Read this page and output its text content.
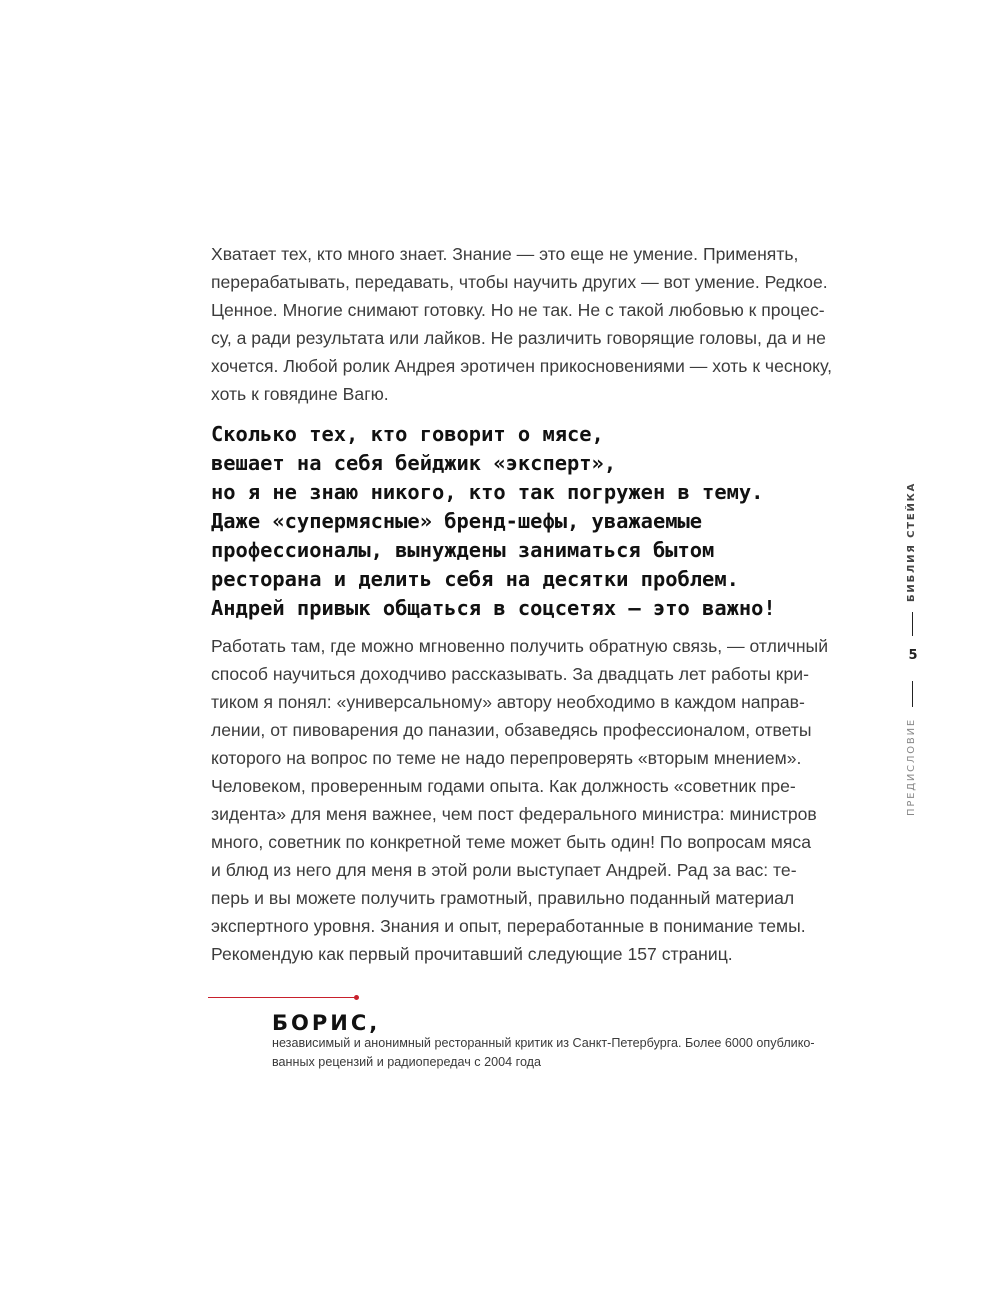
Хватает тех, кто много знает. Знание — это еще не умение. Применять,
перерабатывать, передавать, чтобы научить других — вот умение. Редкое.
Ценное. Многие снимают готовку. Но не так. Не с такой любовью к процес-
су, а ради результата или лайков. Не различить говорящие головы, да и не
хочется. Любой ролик Андрея эротичен прикосновениями — хоть к чесноку,
хоть к говядине Вагю.
Сколько тех, кто говорит о мясе,
вешает на себя бейджик «эксперт»,
но я не знаю никого, кто так погружен в тему.
Даже «супермясные» бренд-шефы, уважаемые
профессионалы, вынуждены заниматься бытом
ресторана и делить себя на десятки проблем.
Андрей привык общаться в соцсетях — это важно!
Работать там, где можно мгновенно получить обратную связь, — отличный
способ научиться доходчиво рассказывать. За двадцать лет работы кри-
тиком я понял: «универсальному» автору необходимо в каждом направ-
лении, от пивоварения до паназии, обзаведясь профессионалом, ответы
которого на вопрос по теме не надо перепроверять «вторым мнением».
Человеком, проверенным годами опыта. Как должность «советник пре-
зидента» для меня важнее, чем пост федерального министра: министров
много, советник по конкретной теме может быть один! По вопросам мяса
и блюд из него для меня в этой роли выступает Андрей. Рад за вас: те-
перь и вы можете получить грамотный, правильно поданный материал
экспертного уровня. Знания и опыт, переработанные в понимание темы.
Рекомендую как первый прочитавший следующие 157 страниц.
БОРИС,
независимый и анонимный ресторанный критик из Санкт-Петербурга. Более 6000 опублико-
ванных рецензий и радиопередач с 2004 года
БИБЛИЯ СТЕЙКА
5
ПРЕДИСЛОВИЕ
